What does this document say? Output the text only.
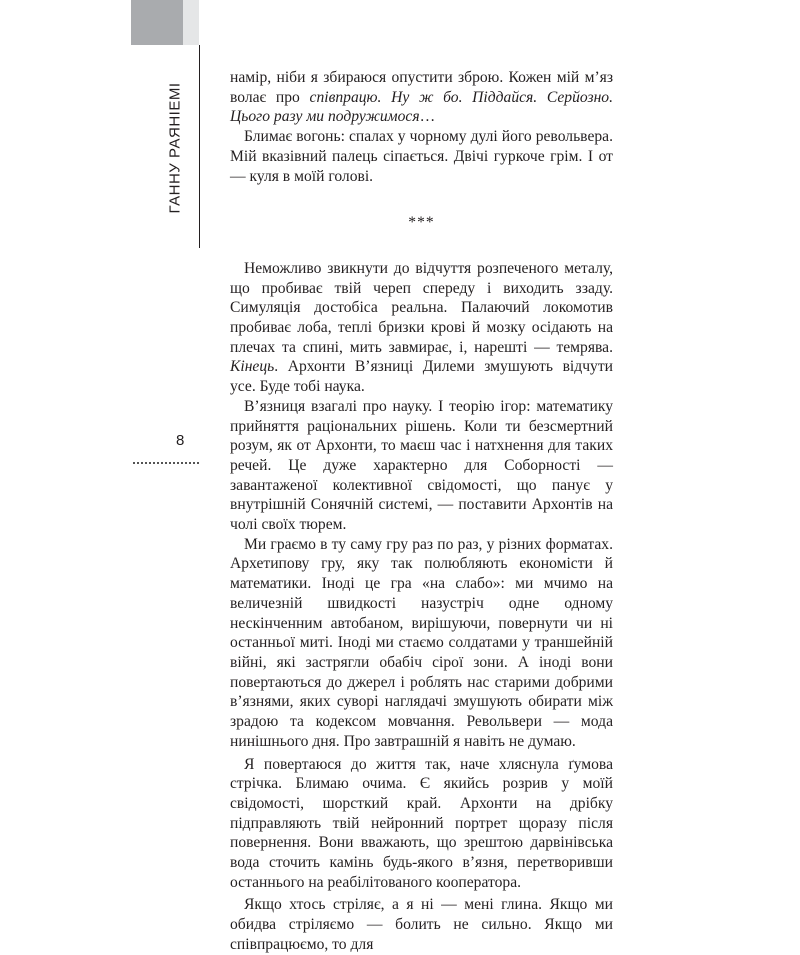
ГАННУ РАЯНІЕМІ
8

намір, ніби я збираюся опустити зброю. Кожен мій м’яз волає про співпрацю. Ну ж бо. Піддайся. Серйозно. Цього разу ми подружимося…

Блимає вогонь: спалах у чорному дулі його револьвера. Мій вказівний палець сіпається. Двічі гуркоче грім. І от — куля в моїй голові.

***

Неможливо звикнути до відчуття розпеченого металу, що пробиває твій череп спереду і виходить ззаду. Симуляція достобіса реальна. Палаючий локомотив пробиває лоба, теплі бризки крові й мозку осідають на плечах та спині, мить завмирає, і, нарешті — темрява. Кінець. Архонти В’язниці Дилеми змушують відчути усе. Буде тобі наука.

В’язниця взагалі про науку. І теорію ігор: математику прийняття раціональних рішень. Коли ти безсмертний розум, як от Архонти, то маєш час і натхнення для таких речей. Це дуже характерно для Соборності — завантаженої колективної свідомості, що панує у внутрішній Сонячній системі, — поставити Архонтів на чолі своїх тюрем.

Ми граємо в ту саму гру раз по раз, у різних форматах. Архетипову гру, яку так полюбляють економісти й математики. Іноді це гра «на слабо»: ми мчимо на величезній швидкості назустріч одне одному нескінченним автобаном, вирішуючи, повернути чи ні останньої миті. Іноді ми стаємо солдатами у траншейній війні, які застрягли обабіч сірої зони. А іноді вони повертаються до джерел і роблять нас старими добрими в’язнями, яких суворі наглядачі змушують обирати між зрадою та кодексом мовчання. Револьвери — мода нинішнього дня. Про завтрашній я навіть не думаю.

Я повертаюся до життя так, наче хляснула ґумова стрічка. Блимаю очима. Є якийсь розрив у моїй свідомості, шорсткий край. Архонти на дрібку підправляють твій нейронний портрет щоразу після повернення. Вони вважають, що зрештою дарвінівська вода сточить камінь будь-якого в’язня, перетворивши останнього на реабілітованого кооператора.

Якщо хтось стріляє, а я ні — мені глина. Якщо ми обидва стріляємо — болить не сильно. Якщо ми співпрацюємо, то для
